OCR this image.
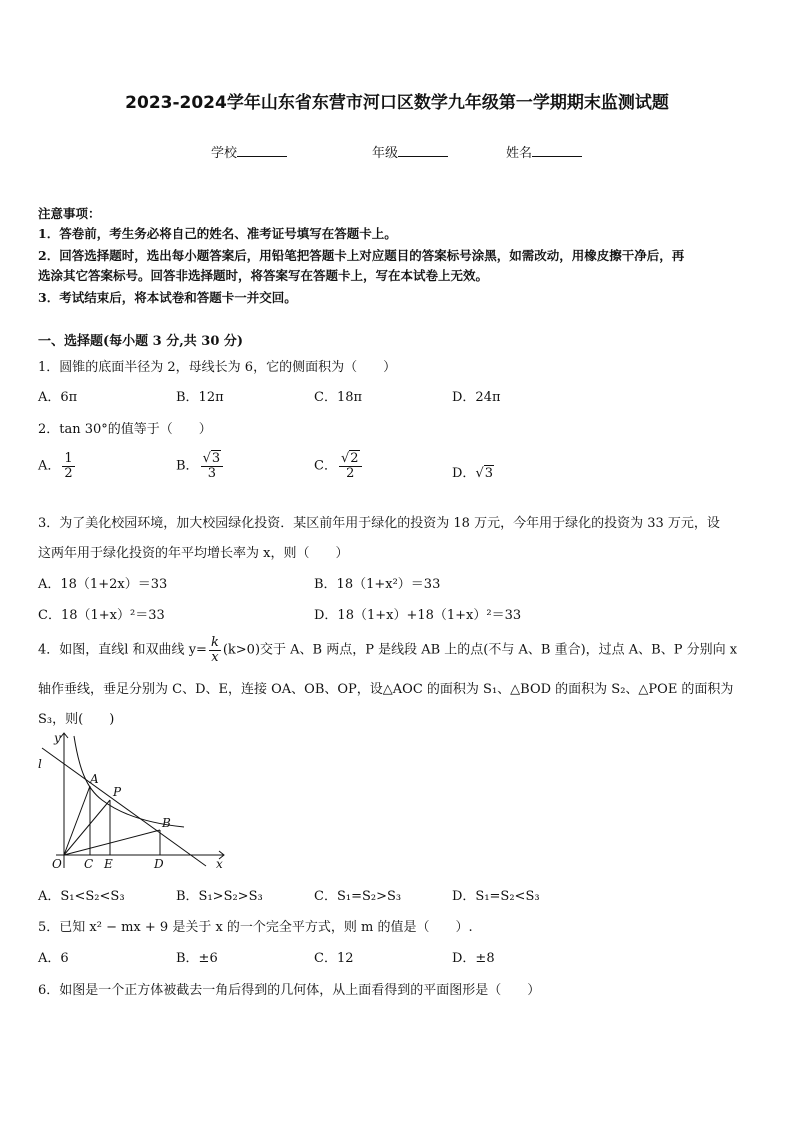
2023-2024学年山东省东营市河口区数学九年级第一学期期末监测试题
学校	年级	姓名
注意事项：
1．答卷前，考生务必将自己的姓名、准考证号填写在答题卡上。
2．回答选择题时，选出每小题答案后，用铅笔把答题卡上对应题目的答案标号涂黑，如需改动，用橡皮擦干净后，再
选涂其它答案标号。回答非选择题时，将答案写在答题卡上，写在本试卷上无效。
3．考试结束后，将本试卷和答题卡一并交回。
一、选择题(每小题 3 分,共 30 分)
1．圆锥的底面半径为 2，母线长为 6，它的侧面积为（　　）
A．6π	B．12π	C．18π	D．24π
2．tan 30°的值等于（　　）
A． $\frac{1}{2}$	B． $\frac{√3}{3}$	C． $\frac{√2}{2}$	D．√3
3．为了美化校园环境，加大校园绿化投资．某区前年用于绿化的投资为 18 万元，今年用于绿化的投资为 33 万元，设
这两年用于绿化投资的年平均增长率为 x，则（　　）
A．18（1+2x）＝33	B．18（1+x²）＝33
C．18（1+x）²＝33	D．18（1+x）+18（1+x）²＝33
4．如图，直线l 和双曲线 $y= \frac{k}{x} (k>0)$交于 A、B 两点，P 是线段 AB 上的点(不与 A、B 重合)，过点 A、B、P 分别向 x
轴作垂线，垂足分别为 C、D、E，连接 OA、OB、OP，设△AOC 的面积为 S₁、△BOD 的面积为 S₂、△POE 的面积为
S₃，则(　　)
y
l
A
P
B
O C E	D	x
A．S₁<S₂<S₃	B．S₁>S₂>S₃	C．S₁=S₂>S₃	D．S₁=S₂<S₃
5．已知 x² − mx + 9 是关于 x 的一个完全平方式，则 m 的值是（　　）.
A．6	B．±6	C．12	D．±8
6．如图是一个正方体被截去一角后得到的几何体，从上面看得到的平面图形是（　　）
